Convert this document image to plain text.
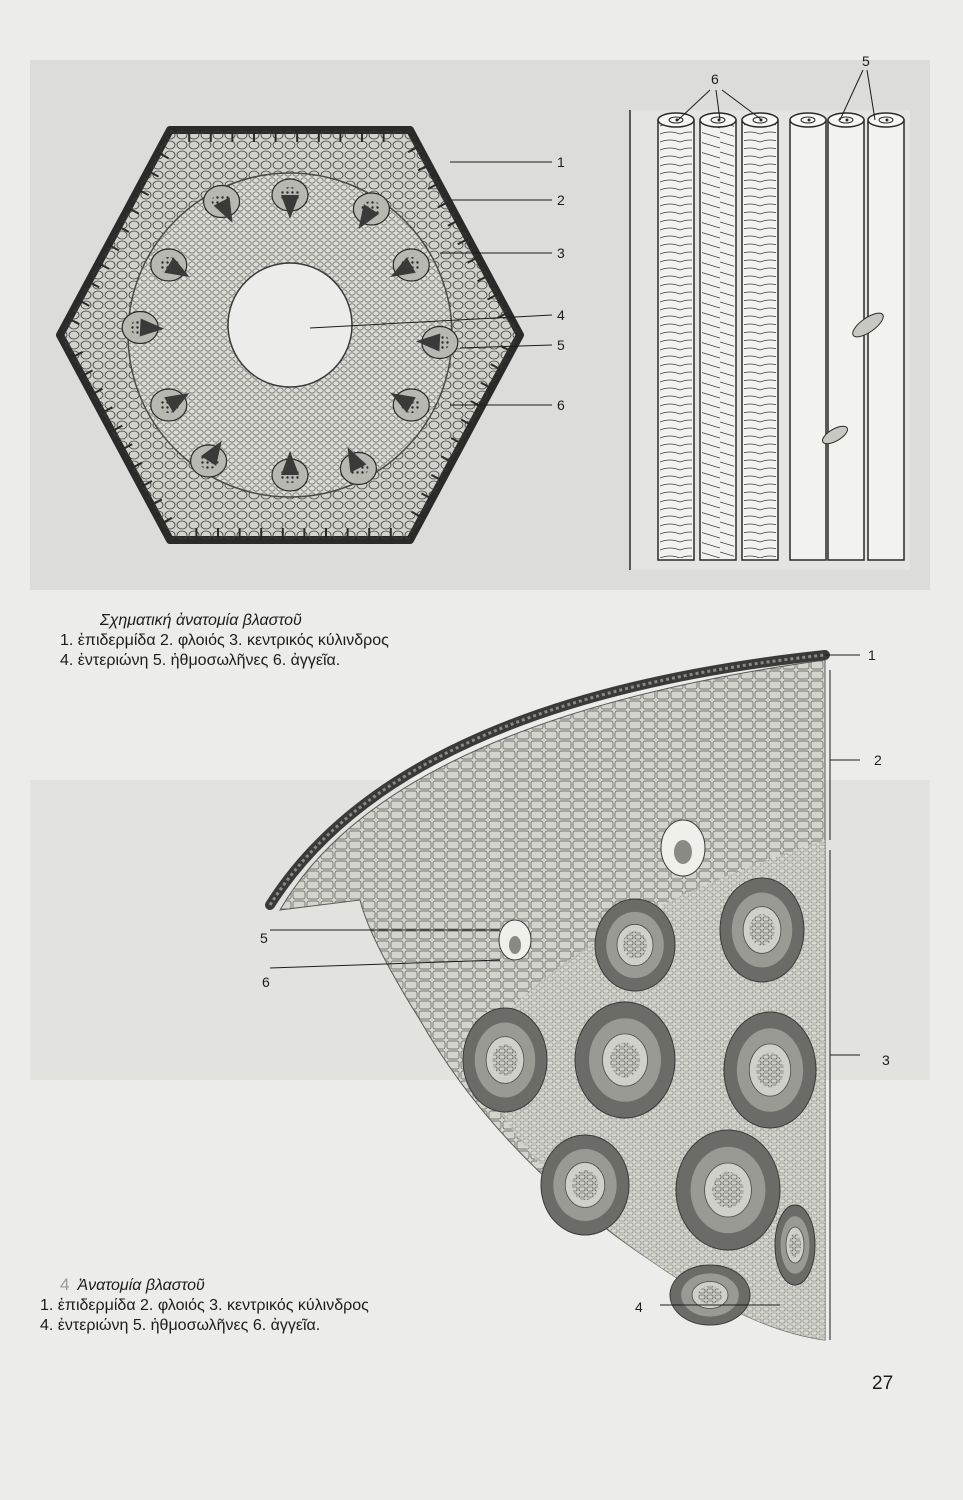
1
2
3
4
5
6
6
5
Σχηματική ἀνατομία βλαστοῦ
1. ἐπιδερμίδα 2. φλοιός 3. κεντρικός κύλινδρος
4. ἐντεριώνη 5. ἡθμοσωλῆνες 6. ἀγγεῖα.	1
2
3
5
6
4
4 Ἀνατομία βλαστοῦ
1. ἐπιδερμίδα 2. φλοιός 3. κεντρικός κύλινδρος
4. ἐντεριώνη 5. ἡθμοσωλῆνες 6. ἀγγεῖα.
27
